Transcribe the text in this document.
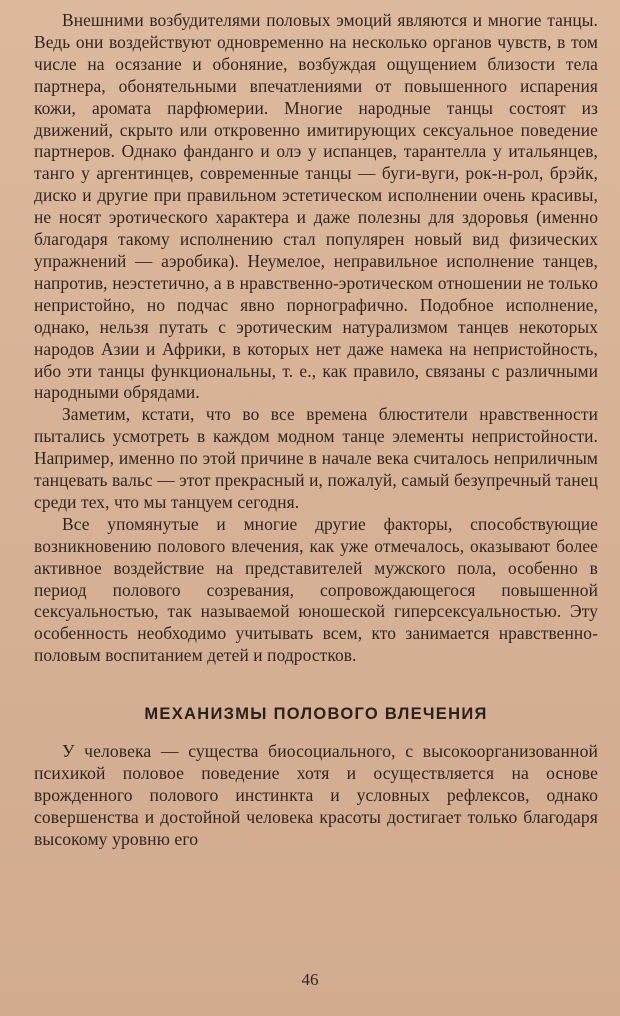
Внешними возбудителями половых эмоций являются и многие танцы. Ведь они воздействуют одновременно на несколько органов чувств, в том числе на осязание и обоняние, возбуждая ощущением близости тела партнера, обонятельными впечатлениями от повышенного испарения кожи, аромата парфюмерии. Многие народные танцы состоят из движений, скрыто или откровенно имитирующих сексуальное поведение партнеров. Однако фанданго и олэ у испанцев, тарантелла у итальянцев, танго у аргентинцев, современные танцы — буги-вуги, рок-н-рол, брэйк, диско и другие при правильном эстетическом исполнении очень красивы, не носят эротического характера и даже полезны для здоровья (именно благодаря такому исполнению стал популярен новый вид физических упражнений — аэробика). Неумелое, неправильное исполнение танцев, напротив, неэстетично, а в нравственно-эротическом отношении не только непристойно, но подчас явно порнографично. Подобное исполнение, однако, нельзя путать с эротическим натурализмом танцев некоторых народов Азии и Африки, в которых нет даже намека на непристойность, ибо эти танцы функциональны, т. е., как правило, связаны с различными народными обрядами.

Заметим, кстати, что во все времена блюстители нравственности пытались усмотреть в каждом модном танце элементы непристойности. Например, именно по этой причине в начале века считалось неприличным танцевать вальс — этот прекрасный и, пожалуй, самый безупречный танец среди тех, что мы танцуем сегодня.

Все упомянутые и многие другие факторы, способствующие возникновению полового влечения, как уже отмечалось, оказывают более активное воздействие на представителей мужского пола, особенно в период полового созревания, сопровождающегося повышенной сексуальностью, так называемой юношеской гиперсексуальностью. Эту особенность необходимо учитывать всем, кто занимается нравственно-половым воспитанием детей и подростков.

МЕХАНИЗМЫ ПОЛОВОГО ВЛЕЧЕНИЯ

У человека — существа биосоциального, с высокоорганизованной психикой половое поведение хотя и осуществляется на основе врожденного полового инстинкта и условных рефлексов, однако совершенства и достойной человека красоты достигает только благодаря высокому уровню его

46
